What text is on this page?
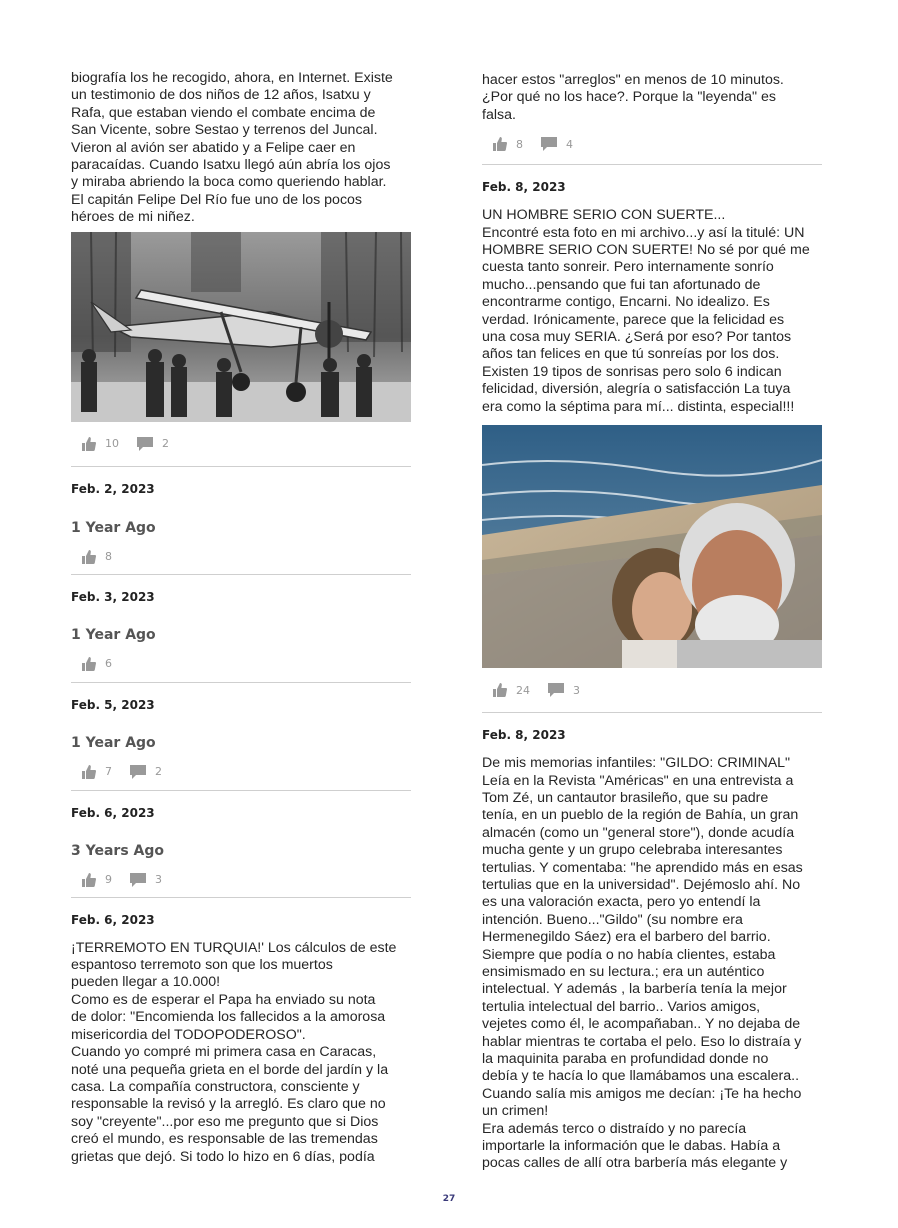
biografía los he recogido, ahora, en Internet. Existe
un testimonio de dos niños de 12 años, Isatxu y
Rafa, que estaban viendo el combate encima de
San Vicente, sobre Sestao y terrenos del Juncal.
Vieron al avión ser abatido y a Felipe caer en
paracaídas. Cuando Isatxu llegó aún abría los ojos
y miraba abriendo la boca como queriendo hablar.
El capitán Felipe Del Río fue uno de los pocos
héroes de mi niñez.

10	2

Feb. 2, 2023

1 Year Ago

8

Feb. 3, 2023

1 Year Ago

6

Feb. 5, 2023

1 Year Ago

7	2

Feb. 6, 2023

3 Years Ago

9	3

Feb. 6, 2023

¡TERREMOTO EN TURQUIA!' Los cálculos de este
espantoso terremoto son que los muertos
pueden llegar a 10.000!
Como es de esperar el Papa ha enviado su nota
de dolor: "Encomienda los fallecidos a la amorosa
misericordia del TODOPODEROSO".
Cuando yo compré mi primera casa en Caracas,
noté una pequeña grieta en el borde del jardín y la
casa. La compañía constructora, consciente y
responsable la revisó y la arregló. Es claro que no
soy "creyente"...por eso me pregunto que si Dios
creó el mundo, es responsable de las tremendas
grietas que dejó. Si todo lo hizo en 6 días, podía

hacer estos "arreglos" en menos de 10 minutos.
¿Por qué no los hace?. Porque la "leyenda" es
falsa.

8	4

Feb. 8, 2023

UN HOMBRE SERIO CON SUERTE...
Encontré esta foto en mi archivo...y así la titulé: UN
HOMBRE SERIO CON SUERTE! No sé por qué me
cuesta tanto sonreir. Pero internamente sonrío
mucho...pensando que fui tan afortunado de
encontrarme contigo, Encarni. No idealizo. Es
verdad. Irónicamente, parece que la felicidad es
una cosa muy SERIA. ¿Será por eso? Por tantos
años tan felices en que tú sonreías por los dos.
Existen 19 tipos de sonrisas pero solo 6 indican
felicidad, diversión, alegría o satisfacción La tuya
era como la séptima para mí... distinta, especial!!!

24	3

Feb. 8, 2023

De mis memorias infantiles: "GILDO: CRIMINAL"
Leía en la Revista "Américas" en una entrevista a
Tom Zé, un cantautor brasileño, que su padre
tenía, en un pueblo de la región de Bahía, un gran
almacén (como un "general store"), donde acudía
mucha gente y un grupo celebraba interesantes
tertulias. Y comentaba: "he aprendido más en esas
tertulias que en la universidad". Dejémoslo ahí. No
es una valoración exacta, pero yo entendí la
intención. Bueno..."Gildo" (su nombre era
Hermenegildo Sáez) era el barbero del barrio.
Siempre que podía o no había clientes, estaba
ensimismado en su lectura.; era un auténtico
intelectual. Y además , la barbería tenía la mejor
tertulia intelectual del barrio.. Varios amigos,
vejetes como él, le acompañaban.. Y no dejaba de
hablar mientras te cortaba el pelo. Eso lo distraía y
la maquinita paraba en profundidad donde no
debía y te hacía lo que llamábamos una escalera..
Cuando salía mis amigos me decían: ¡Te ha hecho
un crimen!
Era además terco o distraído y no parecía
importarle la información que le dabas. Había a
pocas calles de allí otra barbería más elegante y

27
